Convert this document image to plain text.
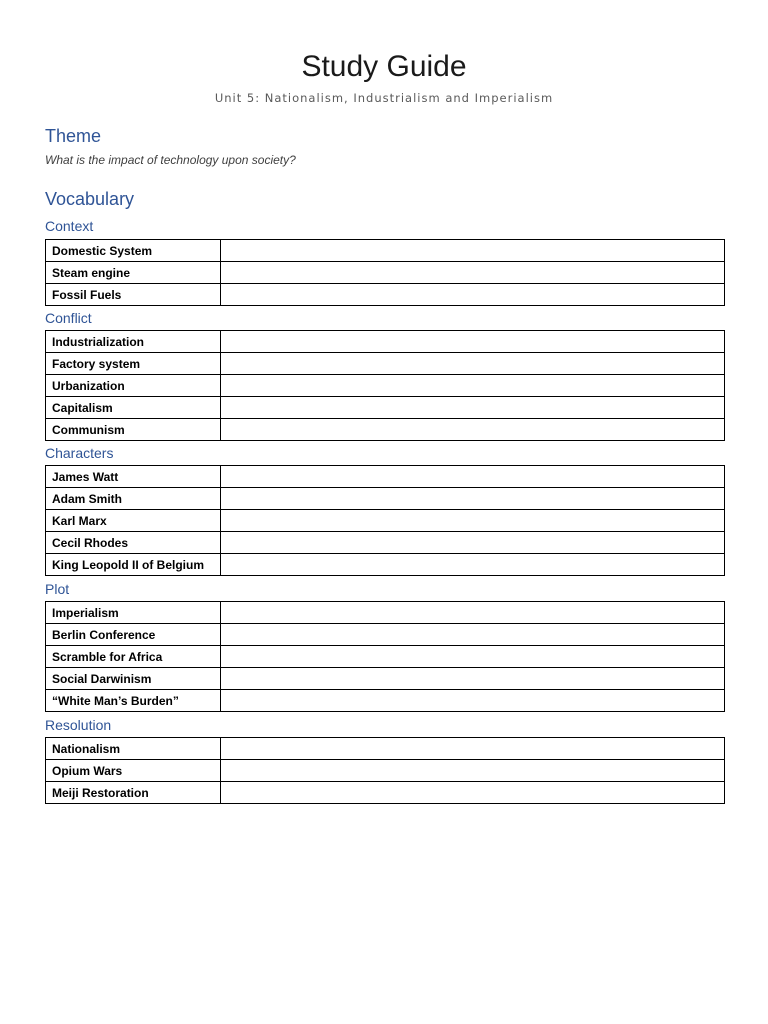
Study Guide
Unit 5: Nationalism, Industrialism and Imperialism
Theme
What is the impact of technology upon society?
Vocabulary
Context
Domestic System	
Steam engine	
Fossil Fuels	
Conflict
Industrialization	
Factory system	
Urbanization	
Capitalism	
Communism	
Characters
James Watt	
Adam Smith	
Karl Marx	
Cecil Rhodes	
King Leopold II of Belgium	
Plot
Imperialism	
Berlin Conference	
Scramble for Africa	
Social Darwinism	
“White Man’s Burden”	
Resolution
Nationalism	
Opium Wars	
Meiji Restoration	
